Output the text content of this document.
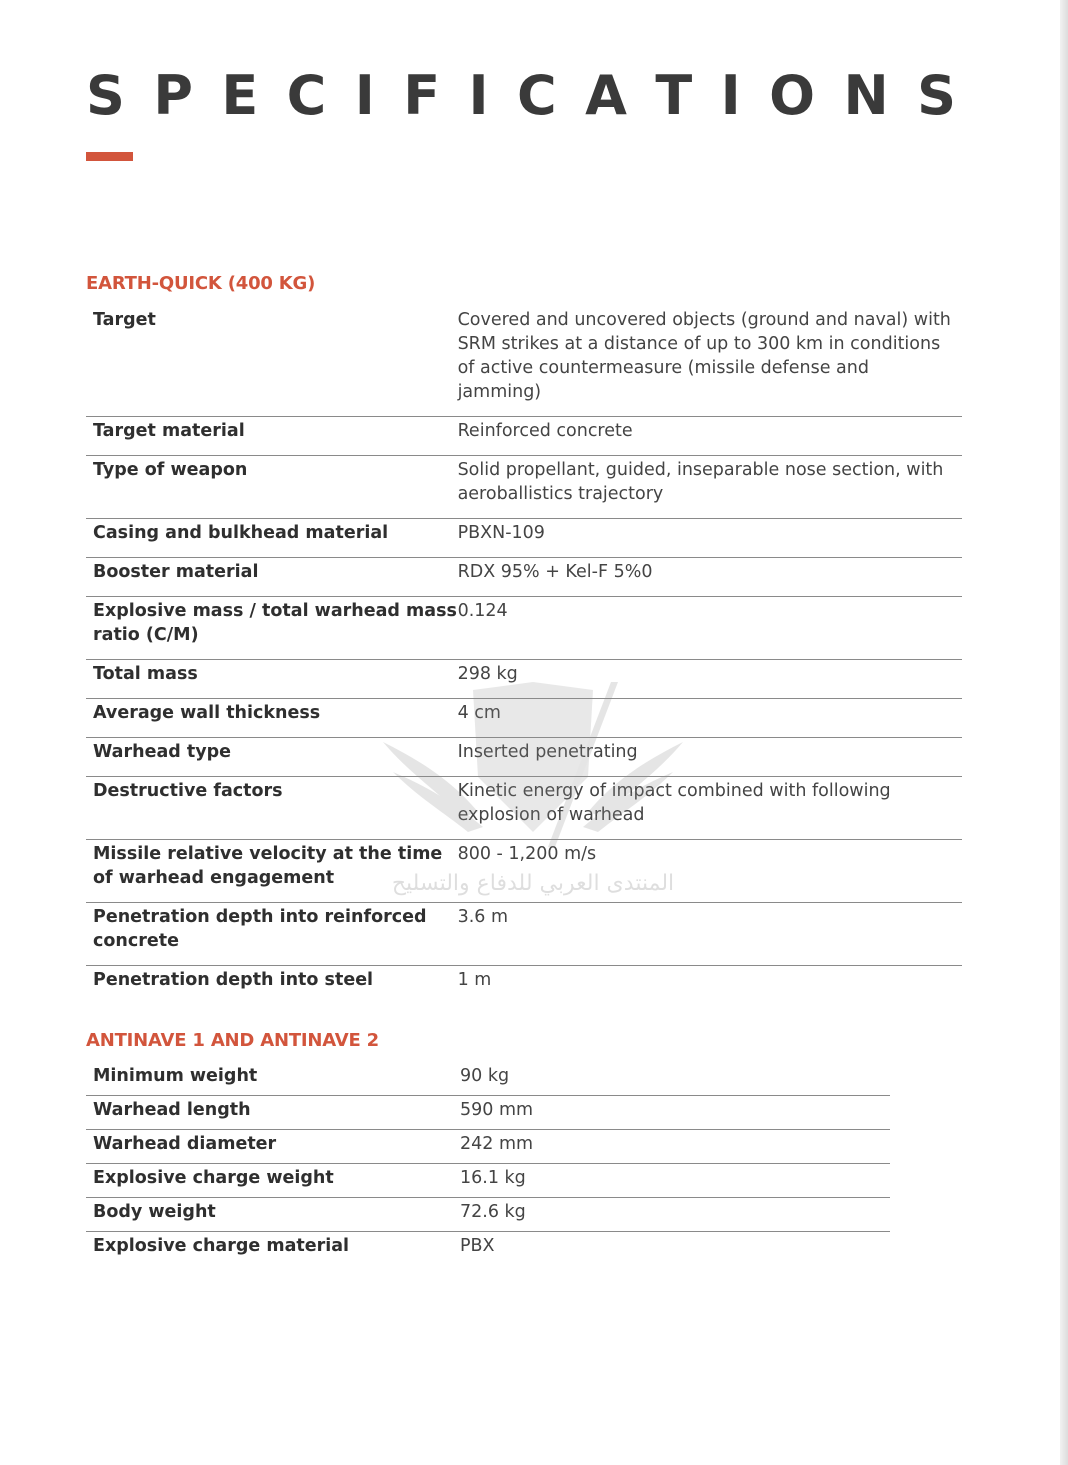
S P E C I F I C A T I O N S
EARTH-QUICK (400 KG)
Target	Covered and uncovered objects (ground and naval) with SRM strikes at a distance of up to 300 km in conditions of active countermeasure (missile defense and jamming)
Target material	Reinforced concrete
Type of weapon	Solid propellant, guided, inseparable nose section, with aeroballistics trajectory
Casing and bulkhead material	PBXN-109
Booster material	RDX 95% + Kel-F 5%0
Explosive mass / total warhead mass ratio (C/M)	0.124
Total mass	298 kg
Average wall thickness	4 cm
Warhead type	Inserted penetrating
Destructive factors	Kinetic energy of impact combined with following explosion of warhead
Missile relative velocity at the time of warhead engagement	800 - 1,200 m/s
Penetration depth into reinforced concrete	3.6 m
Penetration depth into steel	1 m
ANTINAVE 1 AND ANTINAVE 2
Minimum weight	90 kg
Warhead length	590 mm
Warhead diameter	242 mm
Explosive charge weight	16.1 kg
Body weight	72.6 kg
Explosive charge material	PBX
المنتدى العربي للدفاع والتسليح
